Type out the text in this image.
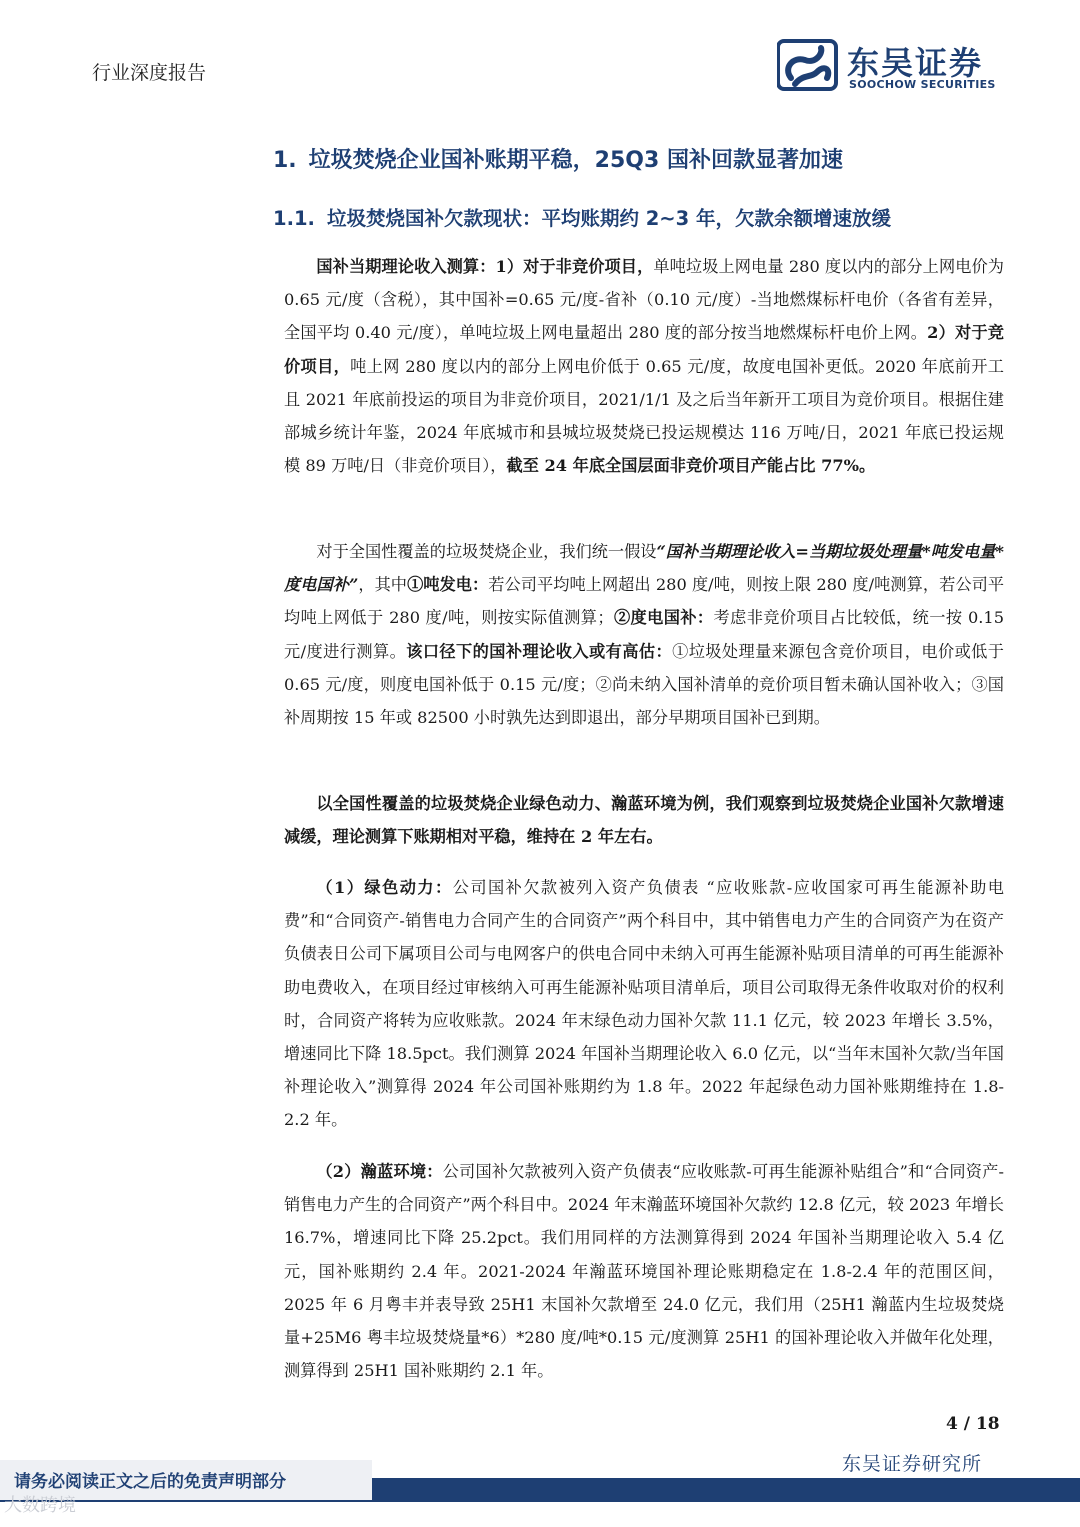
行业深度报告	东吴证券
SOOCHOW SECURITIES
1. 垃圾焚烧企业国补账期平稳，25Q3 国补回款显著加速
1.1. 垃圾焚烧国补欠款现状：平均账期约 2~3 年，欠款余额增速放缓

国补当期理论收入测算：1）对于非竞价项目，单吨垃圾上网电量 280 度以内的部分上网电价为 0.65 元/度（含税），其中国补=0.65 元/度-省补（0.10 元/度）-当地燃煤标杆电价（各省有差异，全国平均 0.40 元/度），单吨垃圾上网电量超出 280 度的部分按当地燃煤标杆电价上网。2）对于竞价项目，吨上网 280 度以内的部分上网电价低于 0.65 元/度，故度电国补更低。2020 年底前开工且 2021 年底前投运的项目为非竞价项目，2021/1/1 及之后当年新开工项目为竞价项目。根据住建部城乡统计年鉴，2024 年底城市和县城垃圾焚烧已投运规模达 116 万吨/日，2021 年底已投运规模 89 万吨/日（非竞价项目），截至 24 年底全国层面非竞价项目产能占比 77%。

对于全国性覆盖的垃圾焚烧企业，我们统一假设“国补当期理论收入=当期垃圾处理量*吨发电量*度电国补”，其中①吨发电：若公司平均吨上网超出 280 度/吨，则按上限 280 度/吨测算，若公司平均吨上网低于 280 度/吨，则按实际值测算；②度电国补：考虑非竞价项目占比较低，统一按 0.15 元/度进行测算。该口径下的国补理论收入或有高估：①垃圾处理量来源包含竞价项目，电价或低于 0.65 元/度，则度电国补低于 0.15 元/度；②尚未纳入国补清单的竞价项目暂未确认国补收入；③国补周期按 15 年或 82500 小时孰先达到即退出，部分早期项目国补已到期。

以全国性覆盖的垃圾焚烧企业绿色动力、瀚蓝环境为例，我们观察到垃圾焚烧企业国补欠款增速减缓，理论测算下账期相对平稳，维持在 2 年左右。

（1）绿色动力：公司国补欠款被列入资产负债表 “应收账款-应收国家可再生能源补助电费”和“合同资产-销售电力合同产生的合同资产”两个科目中，其中销售电力产生的合同资产为在资产负债表日公司下属项目公司与电网客户的供电合同中未纳入可再生能源补贴项目清单的可再生能源补助电费收入，在项目经过审核纳入可再生能源补贴项目清单后，项目公司取得无条件收取对价的权利时，合同资产将转为应收账款。2024 年末绿色动力国补欠款 11.1 亿元，较 2023 年增长 3.5%，增速同比下降 18.5pct。我们测算 2024 年国补当期理论收入 6.0 亿元，以“当年末国补欠款/当年国补理论收入”测算得 2024 年公司国补账期约为 1.8 年。2022 年起绿色动力国补账期维持在 1.8-2.2 年。

（2）瀚蓝环境：公司国补欠款被列入资产负债表“应收账款-可再生能源补贴组合”和“合同资产-销售电力产生的合同资产”两个科目中。2024 年末瀚蓝环境国补欠款约 12.8 亿元，较 2023 年增长 16.7%，增速同比下降 25.2pct。我们用同样的方法测算得到 2024 年国补当期理论收入 5.4 亿元，国补账期约 2.4 年。2021-2024 年瀚蓝环境国补理论账期稳定在 1.8-2.4 年的范围区间，2025 年 6 月粤丰并表导致 25H1 末国补欠款增至 24.0 亿元，我们用（25H1 瀚蓝内生垃圾焚烧量+25M6 粤丰垃圾焚烧量*6）*280 度/吨*0.15 元/度测算 25H1 的国补理论收入并做年化处理，测算得到 25H1 国补账期约 2.1 年。

4 / 18
东吴证券研究所
请务必阅读正文之后的免责声明部分
大数跨境
